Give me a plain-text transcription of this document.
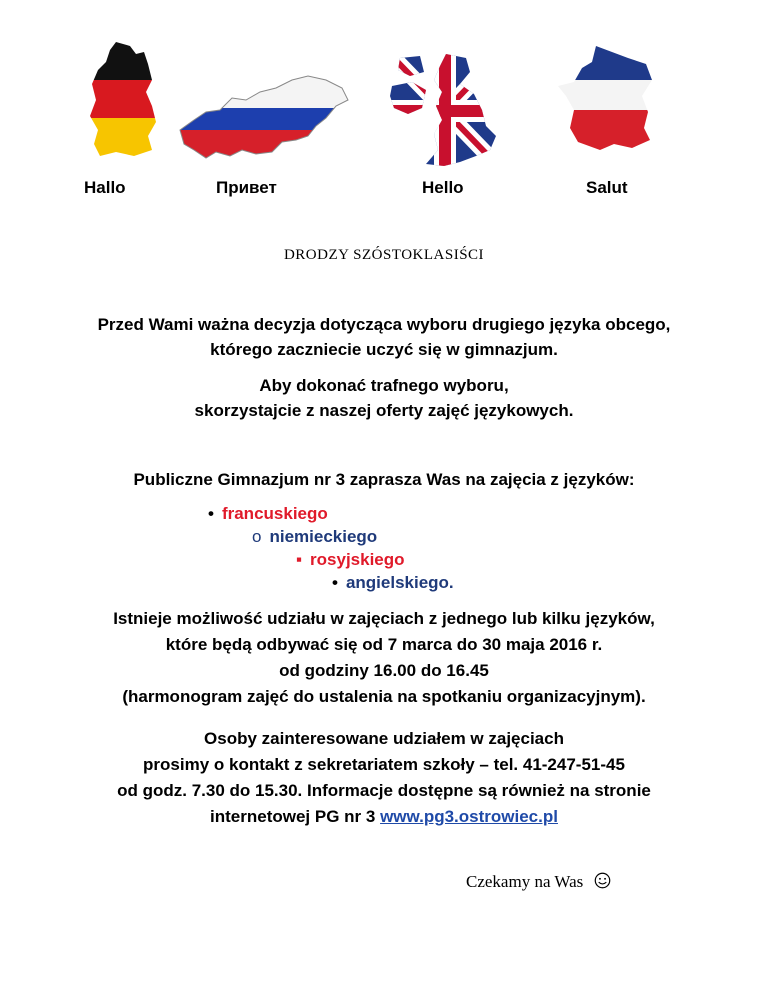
Hallo	Привет	Hello	Salut
DRODZY SZÓSTOKLASIŚCI
Przed Wami ważna decyzja dotycząca wyboru drugiego języka obcego,
którego zaczniecie uczyć się w gimnazjum.
Aby dokonać trafnego wyboru,
skorzystajcie z naszej oferty zajęć językowych.
Publiczne Gimnazjum nr 3 zaprasza Was na zajęcia z języków:
• francuskiego
o niemieckiego
▪ rosyjskiego
• angielskiego.
Istnieje możliwość udziału w zajęciach z jednego lub kilku języków,
które będą odbywać się od 7 marca do 30 maja 2016 r.
od godziny 16.00 do 16.45
(harmonogram zajęć do ustalenia na spotkaniu organizacyjnym).
Osoby zainteresowane udziałem w zajęciach
prosimy o kontakt z sekretariatem szkoły – tel. 41-247-51-45
od godz. 7.30 do 15.30. Informacje dostępne są również na stronie
internetowej PG nr 3 www.pg3.ostrowiec.pl
Czekamy na Was
